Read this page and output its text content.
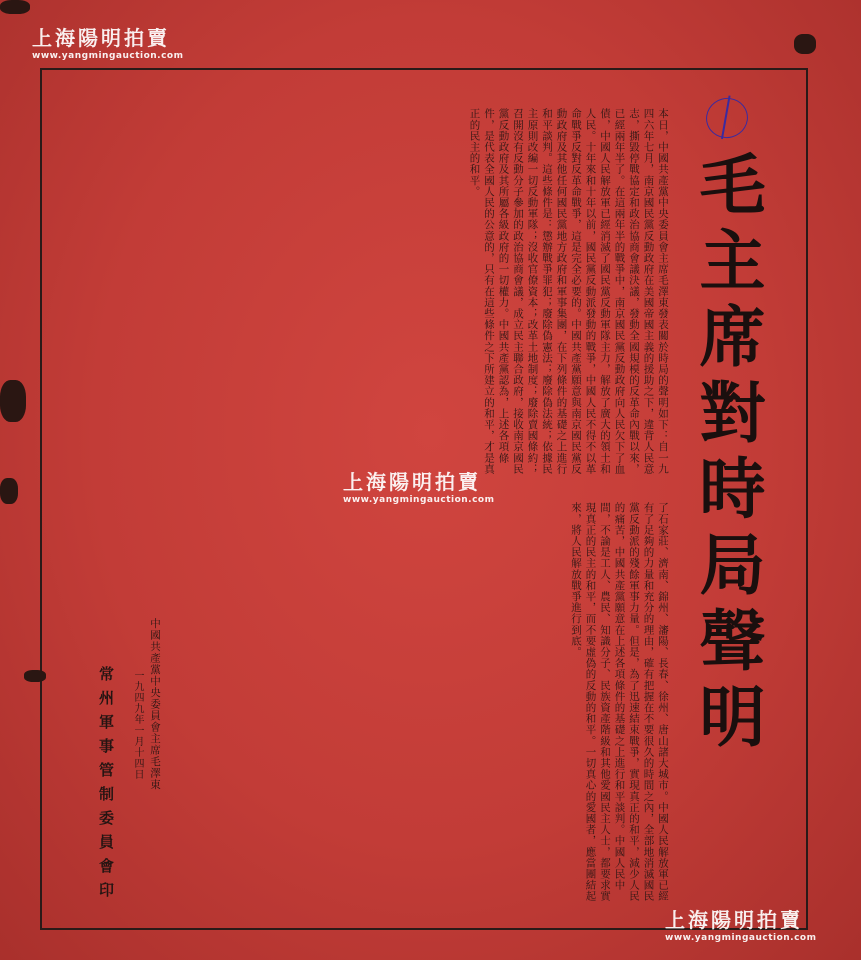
毛主席對時局聲明
本日，中國共產黨中央委員會主席毛澤東發表關於時局的聲明如下：自一九四六年七月，南京國民黨反動政府在美國帝國主義的援助之下，違背人民意志，撕毀停戰協定和政治協商會議決議，發動全國規模的反革命內戰以來，已經兩年半了。在這兩年半的戰爭中，南京國民黨反動政府向人民欠下了血債，中國人民解放軍已經消滅了國民黨反動軍隊主力，解放了廣大的領土和人民。十年來和十年以前，國民黨反動派發動的戰爭，中國人民不得不以革命戰爭反對反革命戰爭，這是完全必要的。中國共產黨願意與南京國民黨反動政府及其他任何國民黨地方政府和軍事集團，在下列條件的基礎之上進行和平談判。這些條件是：懲辦戰爭罪犯；廢除偽憲法；廢除偽法統；依據民主原則改編一切反動軍隊；沒收官僚資本；改革土地制度；廢除賣國條約；召開沒有反動分子參加的政治協商會議，成立民主聯合政府，接收南京國民黨反動政府及其所屬各級政府的一切權力。中國共產黨認為，上述各項條件，是代表全國人民的公意的，只有在這些條件之下所建立的和平，才是真正的民主的和平。
了石家莊、濟南、錦州、瀋陽、長春、徐州、唐山諸大城市。中國人民解放軍已經有了足夠的力量和充分的理由，確有把握在不要很久的時間之內，全部地消滅國民黨反動派的殘餘軍事力量。但是，為了迅速結束戰爭，實現真正的和平，減少人民的痛苦，中國共產黨願意在上述各項條件的基礎之上進行和平談判。中國人民中間，不論是工人、農民、知識分子、民族資產階級和其他愛國民主人士，都要求實現真正的民主的和平，而不要虛偽的反動的和平。一切真心的愛國者，應當團結起來，將人民解放戰爭進行到底。
中國共產黨中央委員會主席毛澤東
一九四九年一月十四日
常州軍事管制委員會印
上海陽明拍賣
www.yangmingauction.com
上海陽明拍賣
www.yangmingauction.com
上海陽明拍賣
www.yangmingauction.com
